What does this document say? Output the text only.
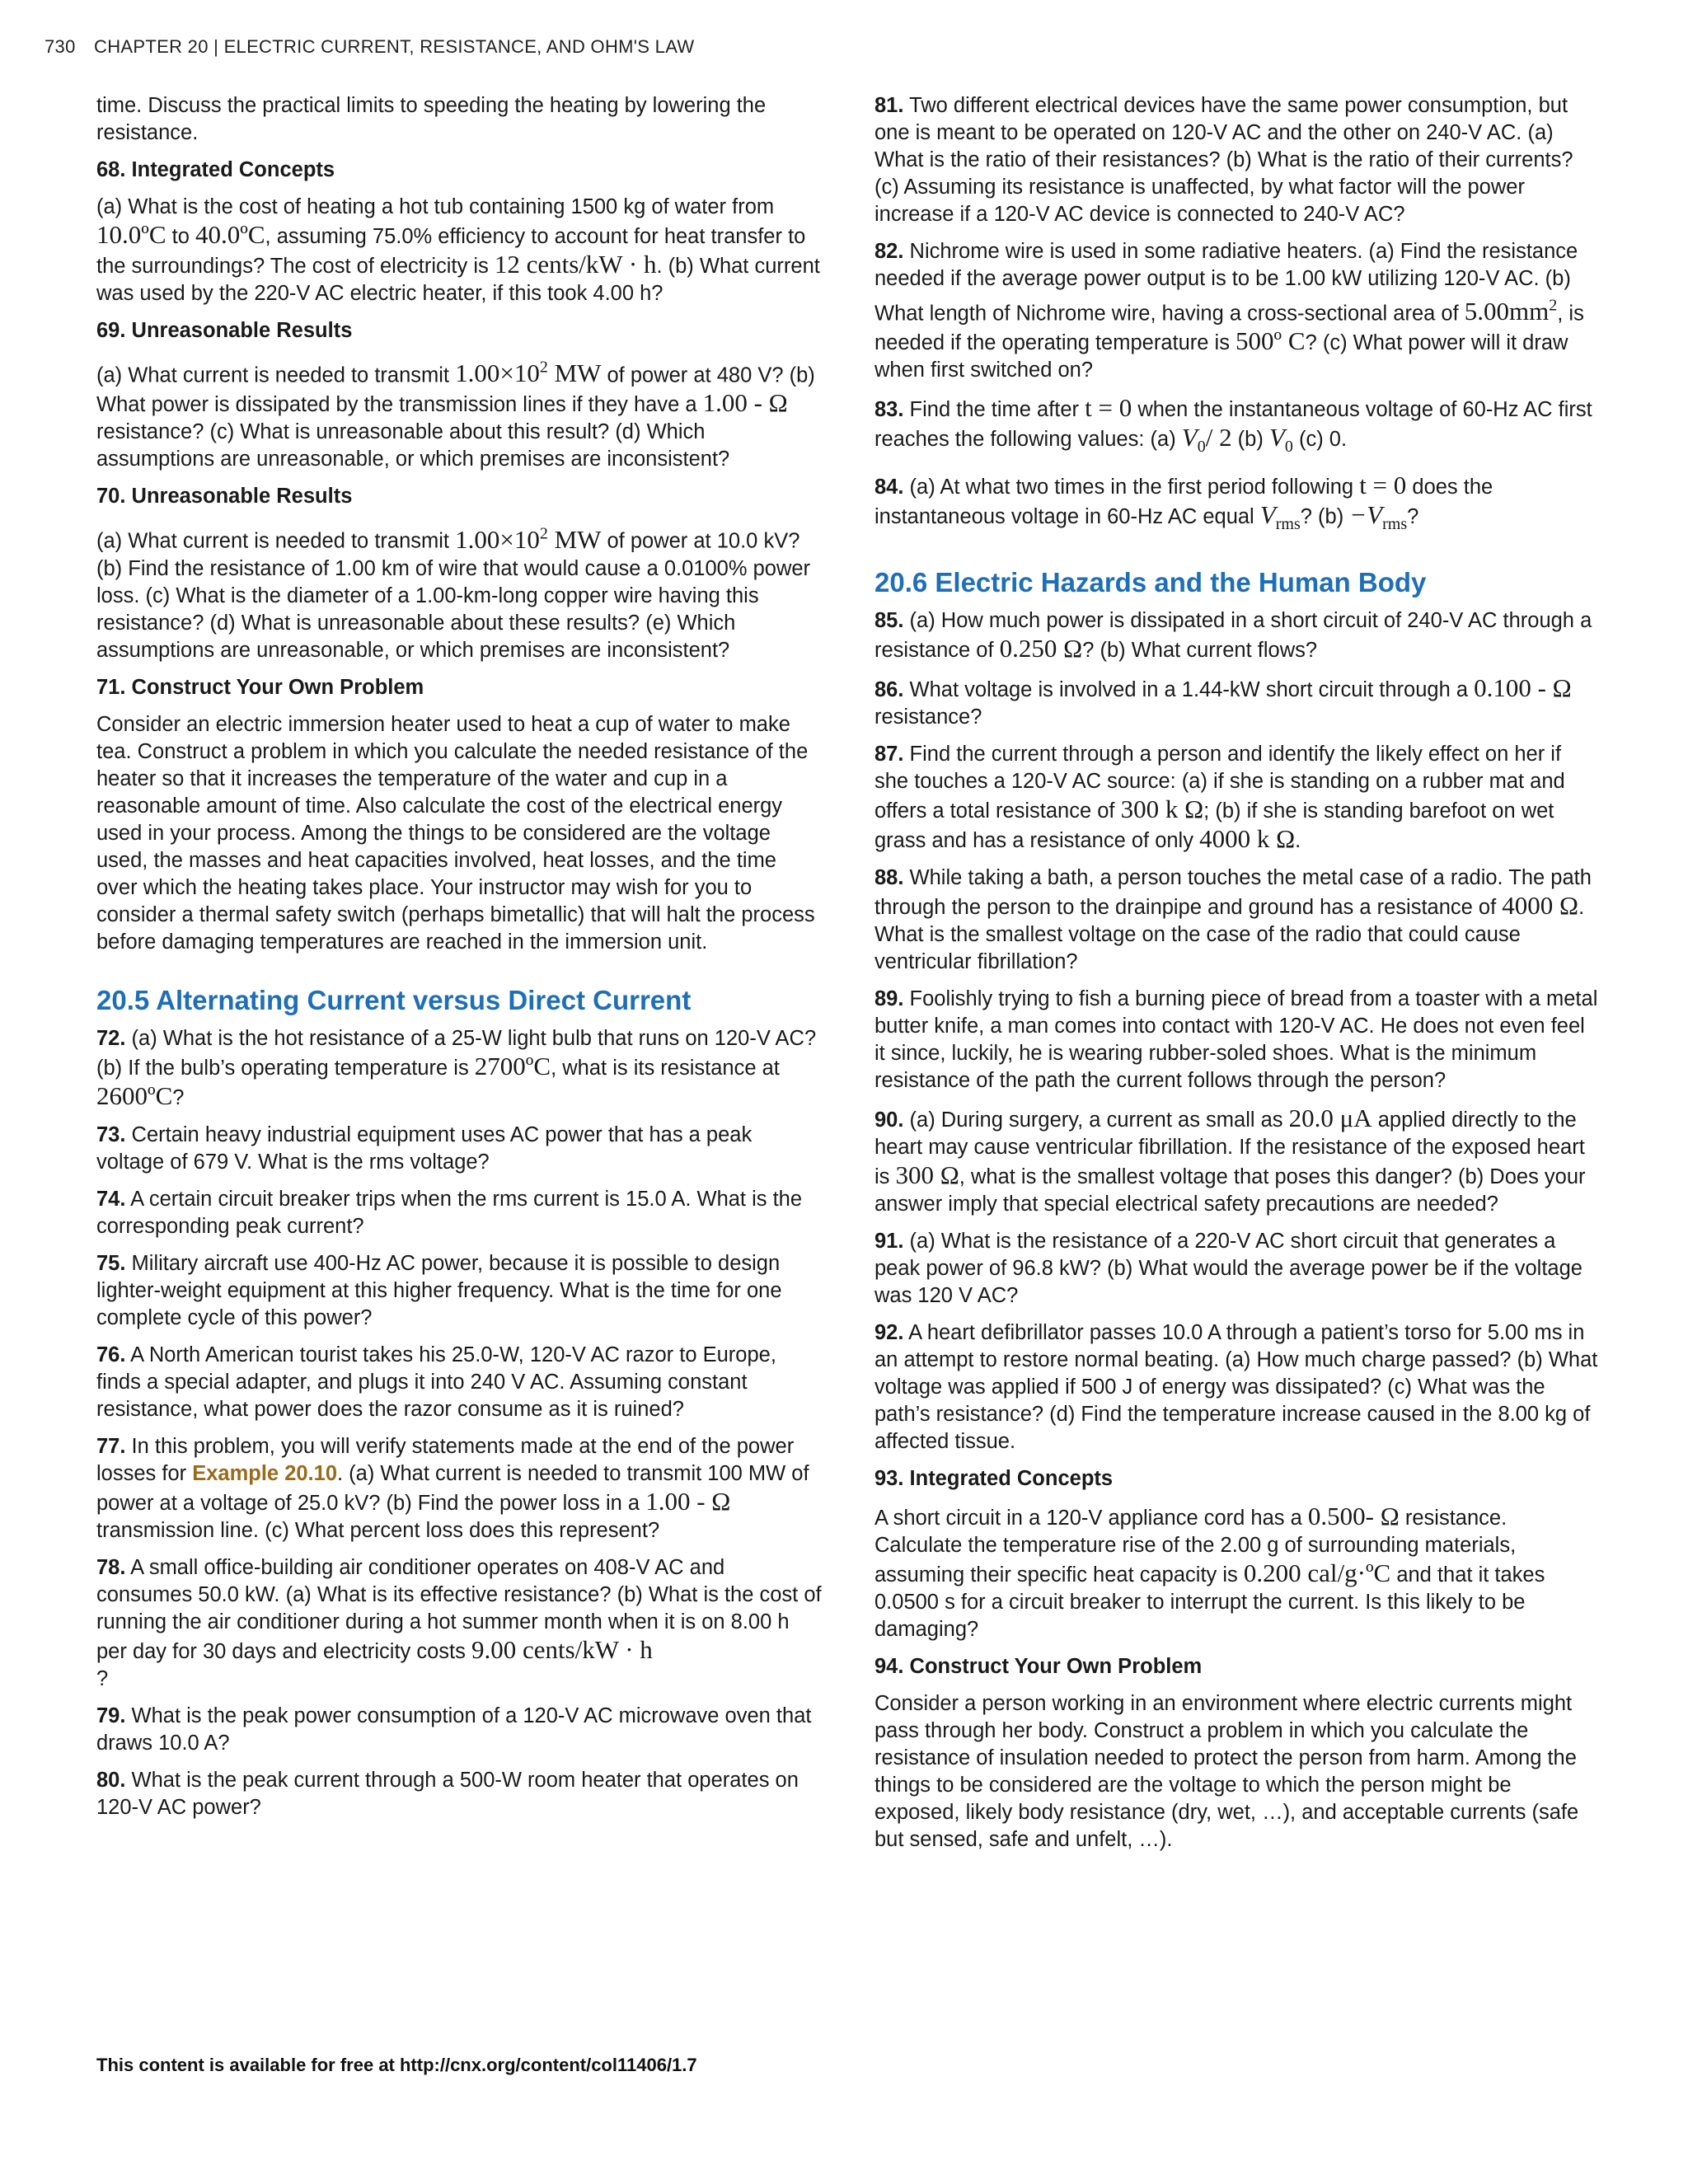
730 CHAPTER 20 | ELECTRIC CURRENT, RESISTANCE, AND OHM'S LAW

time. Discuss the practical limits to speeding the heating by lowering the resistance.

68. Integrated Concepts

(a) What is the cost of heating a hot tub containing 1500 kg of water from 10.0ºC to 40.0ºC, assuming 75.0% efficiency to account for heat transfer to the surroundings? The cost of electricity is 12 cents/kW · h. (b) What current was used by the 220-V AC electric heater, if this took 4.00 h?

69. Unreasonable Results

(a) What current is needed to transmit $1.00\times 10^2$ MW of power at 480 V? (b) What power is dissipated by the transmission lines if they have a 1.00 - Ω resistance? (c) What is unreasonable about this result? (d) Which assumptions are unreasonable, or which premises are inconsistent?

70. Unreasonable Results

(a) What current is needed to transmit $1.00\times 10^2$ MW of power at 10.0 kV? (b) Find the resistance of 1.00 km of wire that would cause a 0.0100% power loss. (c) What is the diameter of a 1.00-km-long copper wire having this resistance? (d) What is unreasonable about these results? (e) Which assumptions are unreasonable, or which premises are inconsistent?

71. Construct Your Own Problem

Consider an electric immersion heater used to heat a cup of water to make tea. Construct a problem in which you calculate the needed resistance of the heater so that it increases the temperature of the water and cup in a reasonable amount of time. Also calculate the cost of the electrical energy used in your process. Among the things to be considered are the voltage used, the masses and heat capacities involved, heat losses, and the time over which the heating takes place. Your instructor may wish for you to consider a thermal safety switch (perhaps bimetallic) that will halt the process before damaging temperatures are reached in the immersion unit.

20.5 Alternating Current versus Direct Current

72. (a) What is the hot resistance of a 25-W light bulb that runs on 120-V AC? (b) If the bulb’s operating temperature is 2700ºC, what is its resistance at 2600ºC?

73. Certain heavy industrial equipment uses AC power that has a peak voltage of 679 V. What is the rms voltage?

74. A certain circuit breaker trips when the rms current is 15.0 A. What is the corresponding peak current?

75. Military aircraft use 400-Hz AC power, because it is possible to design lighter-weight equipment at this higher frequency. What is the time for one complete cycle of this power?

76. A North American tourist takes his 25.0-W, 120-V AC razor to Europe, finds a special adapter, and plugs it into 240 V AC. Assuming constant resistance, what power does the razor consume as it is ruined?

77. In this problem, you will verify statements made at the end of the power losses for Example 20.10. (a) What current is needed to transmit 100 MW of power at a voltage of 25.0 kV? (b) Find the power loss in a 1.00 - Ω transmission line. (c) What percent loss does this represent?

78. A small office-building air conditioner operates on 408-V AC and consumes 50.0 kW. (a) What is its effective resistance? (b) What is the cost of running the air conditioner during a hot summer month when it is on 8.00 h per day for 30 days and electricity costs 9.00 cents/kW · h
?

79. What is the peak power consumption of a 120-V AC microwave oven that draws 10.0 A?

80. What is the peak current through a 500-W room heater that operates on 120-V AC power?

81. Two different electrical devices have the same power consumption, but one is meant to be operated on 120-V AC and the other on 240-V AC. (a) What is the ratio of their resistances? (b) What is the ratio of their currents? (c) Assuming its resistance is unaffected, by what factor will the power increase if a 120-V AC device is connected to 240-V AC?

82. Nichrome wire is used in some radiative heaters. (a) Find the resistance needed if the average power output is to be 1.00 kW utilizing 120-V AC. (b) What length of Nichrome wire, having a cross-sectional area of $5.00mm^2$, is needed if the operating temperature is 500º C? (c) What power will it draw when first switched on?

83. Find the time after t = 0 when the instantaneous voltage of 60-Hz AC first reaches the following values: (a) $V_0/$ 2 (b) $V_0$ (c) 0.

84. (a) At what two times in the first period following t = 0 does the instantaneous voltage in 60-Hz AC equal $V_{rms}$? $(b) -V_{rms}$?

20.6 Electric Hazards and the Human Body

85. (a) How much power is dissipated in a short circuit of 240-V AC through a resistance of 0.250 Ω? (b) What current flows?

86. What voltage is involved in a 1.44-kW short circuit through a 0.100 - Ω resistance?

87. Find the current through a person and identify the likely effect on her if she touches a 120-V AC source: (a) if she is standing on a rubber mat and offers a total resistance of 300 k Ω; (b) if she is standing barefoot on wet grass and has a resistance of only 4000 k Ω.

88. While taking a bath, a person touches the metal case of a radio. The path through the person to the drainpipe and ground has a resistance of 4000 Ω. What is the smallest voltage on the case of the radio that could cause ventricular fibrillation?

89. Foolishly trying to fish a burning piece of bread from a toaster with a metal butter knife, a man comes into contact with 120-V AC. He does not even feel it since, luckily, he is wearing rubber-soled shoes. What is the minimum resistance of the path the current follows through the person?

90. (a) During surgery, a current as small as 20.0 μA applied directly to the heart may cause ventricular fibrillation. If the resistance of the exposed heart is 300 Ω, what is the smallest voltage that poses this danger? (b) Does your answer imply that special electrical safety precautions are needed?

91. (a) What is the resistance of a 220-V AC short circuit that generates a peak power of 96.8 kW? (b) What would the average power be if the voltage was 120 V AC?

92. A heart defibrillator passes 10.0 A through a patient’s torso for 5.00 ms in an attempt to restore normal beating. (a) How much charge passed? (b) What voltage was applied if 500 J of energy was dissipated? (c) What was the path’s resistance? (d) Find the temperature increase caused in the 8.00 kg of affected tissue.

93. Integrated Concepts

A short circuit in a 120-V appliance cord has a 0.500- Ω resistance. Calculate the temperature rise of the 2.00 g of surrounding materials, assuming their specific heat capacity is 0.200 cal/g·ºC and that it takes 0.0500 s for a circuit breaker to interrupt the current. Is this likely to be damaging?

94. Construct Your Own Problem

Consider a person working in an environment where electric currents might pass through her body. Construct a problem in which you calculate the resistance of insulation needed to protect the person from harm. Among the things to be considered are the voltage to which the person might be exposed, likely body resistance (dry, wet, …), and acceptable currents (safe but sensed, safe and unfelt, …).

This content is available for free at http://cnx.org/content/col11406/1.7
